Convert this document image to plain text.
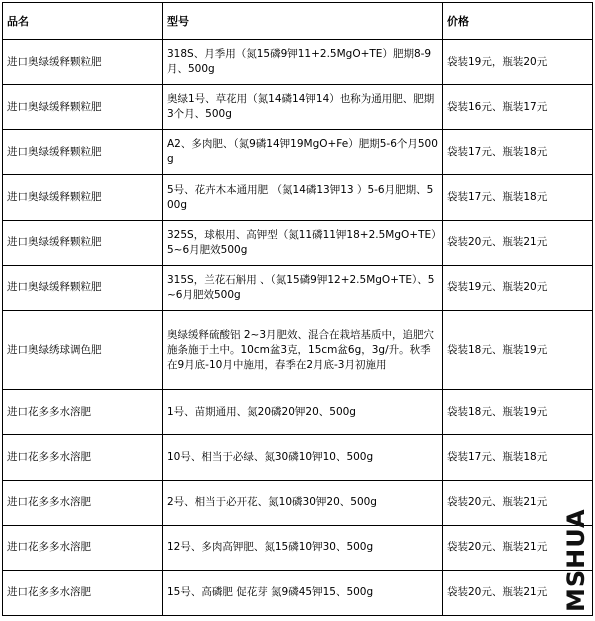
品名	型号	价格
进口奥绿缓释颗粒肥	318S、月季用（氮15磷9钾11+2.5MgO+TE）肥期8-9月、500g	袋装19元，瓶装20元
进口奥绿缓释颗粒肥	奥绿1号、草花用（氮14磷14钾14）也称为通用肥、肥期3个月、500g	袋装16元、瓶装17元
进口奥绿缓释颗粒肥	A2、多肉肥、（氮9磷14钾19MgO+Fe）肥期5-6个月500g	袋装17元、瓶装18元
进口奥绿缓释颗粒肥	5号、花卉木本通用肥 （氮14磷13钾13 ）5-6月肥期、500g	袋装17元、瓶装18元
进口奥绿缓释颗粒肥	325S，球根用、高钾型（氮11磷11钾18+2.5MgO+TE）5~6月肥效500g	袋装20元、瓶装21元
进口奥绿缓释颗粒肥	315S，兰花石斛用 、（氮15磷9钾12+2.5MgO+TE）、5~6月肥效500g	袋装19元、瓶装20元
进口奥绿绣球调色肥	奥绿缓释硫酸铝 2~3月肥效、混合在栽培基质中，追肥穴施条施于土中。10cm盆3克，15cm盆6g，3g/升。秋季在9月底-10月中施用，春季在2月底-3月初施用	袋装18元、瓶装19元
进口花多多水溶肥	1号、苗期通用、氮20磷20钾20、500g	袋装18元、瓶装19元
进口花多多水溶肥	10号、相当于必绿、氮30磷10钾10、500g	袋装17元、瓶装18元
进口花多多水溶肥	2号、相当于必开花、氮10磷30钾20、500g	袋装20元、瓶装21元
进口花多多水溶肥	12号、多肉高钾肥、氮15磷10钾30、500g	袋装20元、瓶装21元
进口花多多水溶肥	15号、高磷肥 促花芽 氮9磷45钾15、500g	袋装20元、瓶装21元 MSHUA
